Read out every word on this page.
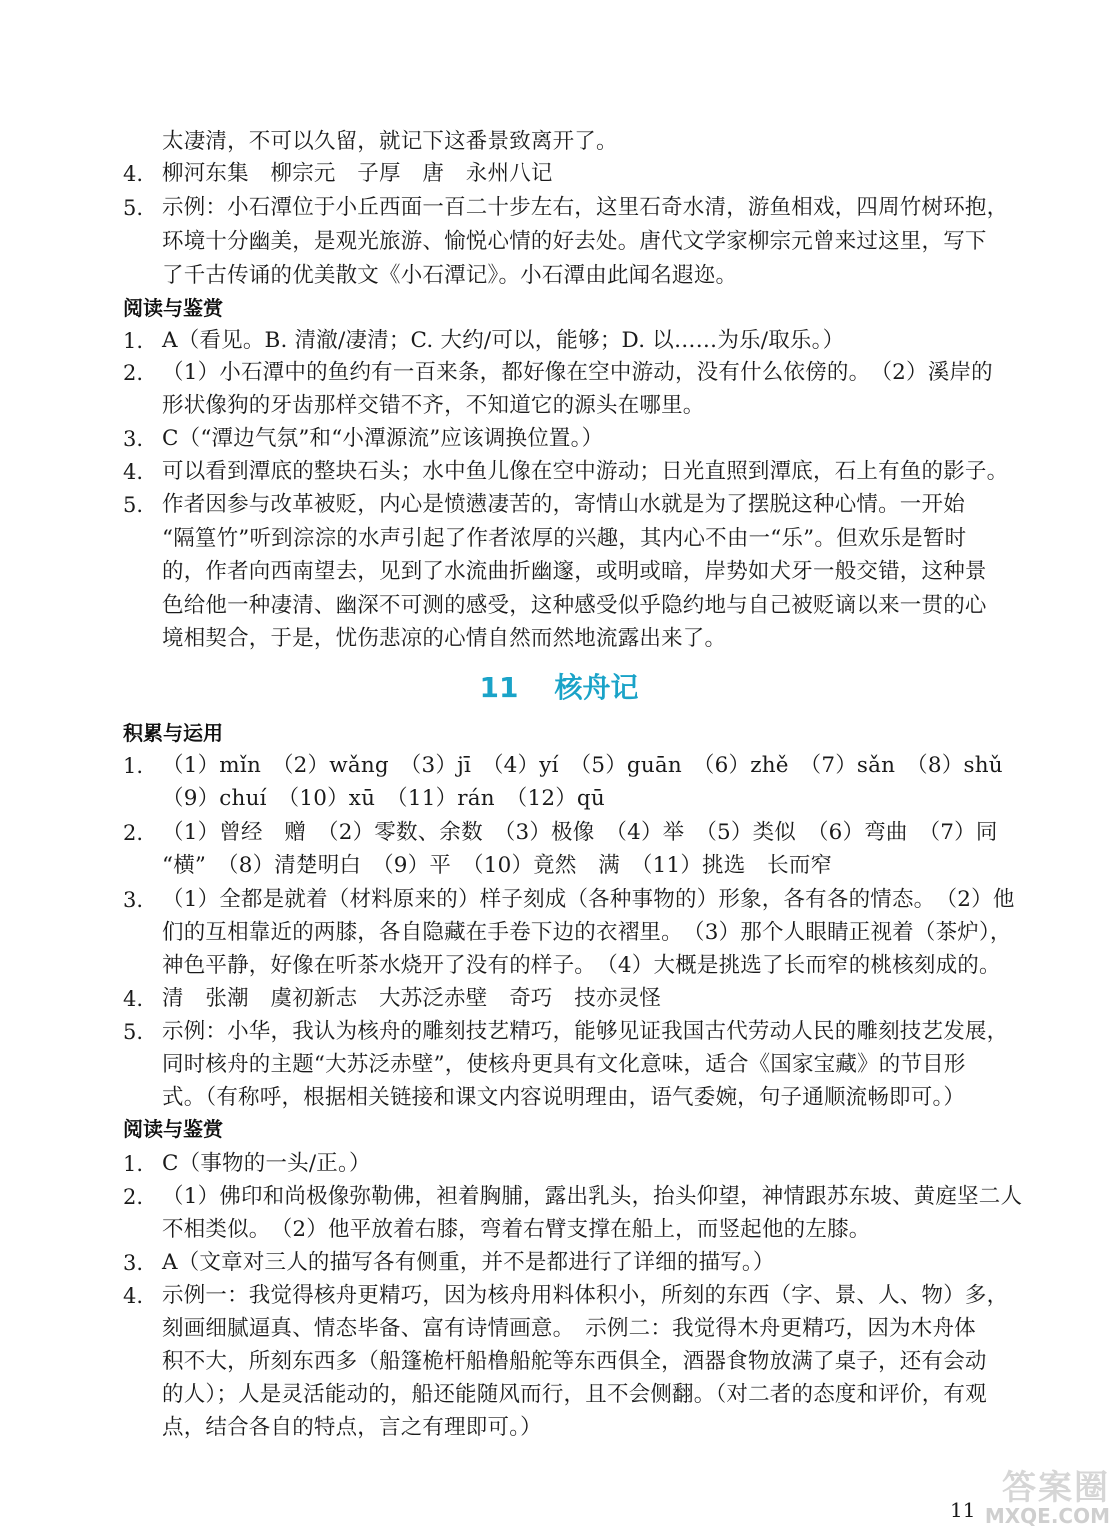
太凄清，不可以久留，就记下这番景致离开了。
4. 柳河东集　柳宗元　子厚　唐　永州八记
5. 示例：小石潭位于小丘西面一百二十步左右，这里石奇水清，游鱼相戏，四周竹树环抱，
环境十分幽美，是观光旅游、愉悦心情的好去处。唐代文学家柳宗元曾来过这里，写下
了千古传诵的优美散文《小石潭记》。小石潭由此闻名遐迩。
阅读与鉴赏
1. A（看见。B. 清澈/凄清；C. 大约/可以，能够；D. 以……为乐/取乐。）
2. （1）小石潭中的鱼约有一百来条，都好像在空中游动，没有什么依傍的。　（2）溪岸的
形状像狗的牙齿那样交错不齐，不知道它的源头在哪里。
3. C（“潭边气氛”和“小潭源流”应该调换位置。）
4. 可以看到潭底的整块石头；水中鱼儿像在空中游动；日光直照到潭底，石上有鱼的影子。
5. 作者因参与改革被贬，内心是愤懑凄苦的，寄情山水就是为了摆脱这种心情。一开始
“隔篁竹”听到淙淙的水声引起了作者浓厚的兴趣，其内心不由一“乐”。但欢乐是暂时
的，作者向西南望去，见到了水流曲折幽邃，或明或暗，岸势如犬牙一般交错，这种景
色给他一种凄清、幽深不可测的感受，这种感受似乎隐约地与自己被贬谪以来一贯的心
境相契合，于是，忧伤悲凉的心情自然而然地流露出来了。
11 核舟记
积累与运用
1. （1）mǐn　（2）wǎng　（3）jī　（4）yí　（5）guān　（6）zhě　（7）sǎn　（8）shǔ
（9）chuí　（10）xū　（11）rán　（12）qū
2. （1）曾经　赠　（2）零数、余数　（3）极像　（4）举　（5）类似　（6）弯曲　（7）同
“横”　（8）清楚明白　（9）平　（10）竟然　满　（11）挑选　长而窄
3. （1）全都是就着（材料原来的）样子刻成（各种事物的）形象，各有各的情态。　（2）他
们的互相靠近的两膝，各自隐藏在手卷下边的衣褶里。　（3）那个人眼睛正视着（茶炉），
神色平静，好像在听茶水烧开了没有的样子。　（4）大概是挑选了长而窄的桃核刻成的。
4. 清　张潮　虞初新志　大苏泛赤壁　奇巧　技亦灵怪
5. 示例：小华，我认为核舟的雕刻技艺精巧，能够见证我国古代劳动人民的雕刻技艺发展，
同时核舟的主题“大苏泛赤壁”，使核舟更具有文化意味，适合《国家宝藏》的节目形
式。（有称呼，根据相关链接和课文内容说明理由，语气委婉，句子通顺流畅即可。）
阅读与鉴赏
1. C（事物的一头/正。）
2. （1）佛印和尚极像弥勒佛，袒着胸脯，露出乳头，抬头仰望，神情跟苏东坡、黄庭坚二人
不相类似。　（2）他平放着右膝，弯着右臂支撑在船上，而竖起他的左膝。
3. A（文章对三人的描写各有侧重，并不是都进行了详细的描写。）
4. 示例一：我觉得核舟更精巧，因为核舟用料体积小，所刻的东西（字、景、人、物）多，
刻画细腻逼真、情态毕备、富有诗情画意。　示例二：我觉得木舟更精巧，因为木舟体
积不大，所刻东西多（船篷桅杆船橹船舵等东西俱全，酒器食物放满了桌子，还有会动
的人）；人是灵活能动的，船还能随风而行，且不会侧翻。（对二者的态度和评价，有观
点，结合各自的特点，言之有理即可。）
11
答案圈
MXQE.COM
